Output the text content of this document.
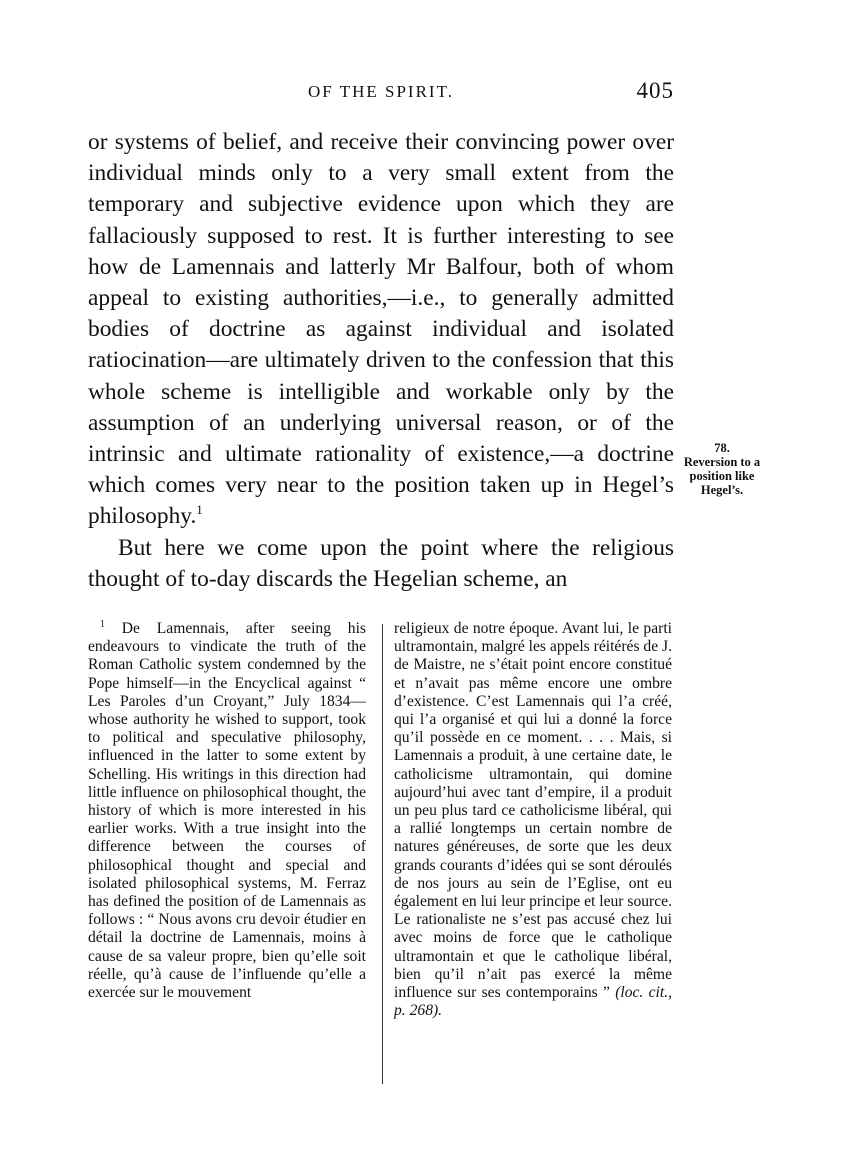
OF THE SPIRIT.	405

or systems of belief, and receive their convincing power over individual minds only to a very small extent from the temporary and subjective evidence upon which they are fallaciously supposed to rest. It is further interesting to see how de Lamennais and latterly Mr Balfour, both of whom appeal to existing authorities,—i.e., to generally admitted bodies of doctrine as against individual and isolated ratiocination—are ultimately driven to the confession that this whole scheme is intelligible and workable only by the assumption of an underlying universal reason, or of the intrinsic and ultimate rationality of existence,—a doctrine which comes very near to the position taken up in Hegel’s philosophy.$^1$

But here we come upon the point where the religious thought of to-day discards the Hegelian scheme, an

78.
Reversion to a position like Hegel’s.

$^1$ De Lamennais, after seeing his endeavours to vindicate the truth of the Roman Catholic system condemned by the Pope himself—in the Encyclical against “ Les Paroles d’un Croyant,” July 1834—whose authority he wished to support, took to political and speculative philosophy, influenced in the latter to some extent by Schelling. His writings in this direction had little influence on philosophical thought, the history of which is more interested in his earlier works. With a true insight into the difference between the courses of philosophical thought and special and isolated philosophical systems, M. Ferraz has defined the position of de Lamennais as follows : “ Nous avons cru devoir étudier en détail la doctrine de Lamennais, moins à cause de sa valeur propre, bien qu’elle soit réelle, qu’à cause de l’influende qu’elle a exercée sur le mouvement

religieux de notre époque. Avant lui, le parti ultramontain, malgré les appels réitérés de J. de Maistre, ne s’était point encore constitué et n’avait pas même encore une ombre d’existence. C’est Lamennais qui l’a créé, qui l’a organisé et qui lui a donné la force qu’il possède en ce moment. . . . Mais, si Lamennais a produit, à une certaine date, le catholicisme ultramontain, qui domine aujourd’hui avec tant d’empire, il a produit un peu plus tard ce catholicisme libéral, qui a rallié longtemps un certain nombre de natures généreuses, de sorte que les deux grands courants d’idées qui se sont déroulés de nos jours au sein de l’Eglise, ont eu également en lui leur principe et leur source. Le rationaliste ne s’est pas accusé chez lui avec moins de force que le catholique ultramontain et que le catholique libéral, bien qu’il n’ait pas exercé la même influence sur ses contemporains ” (loc. cit., p. 268).
